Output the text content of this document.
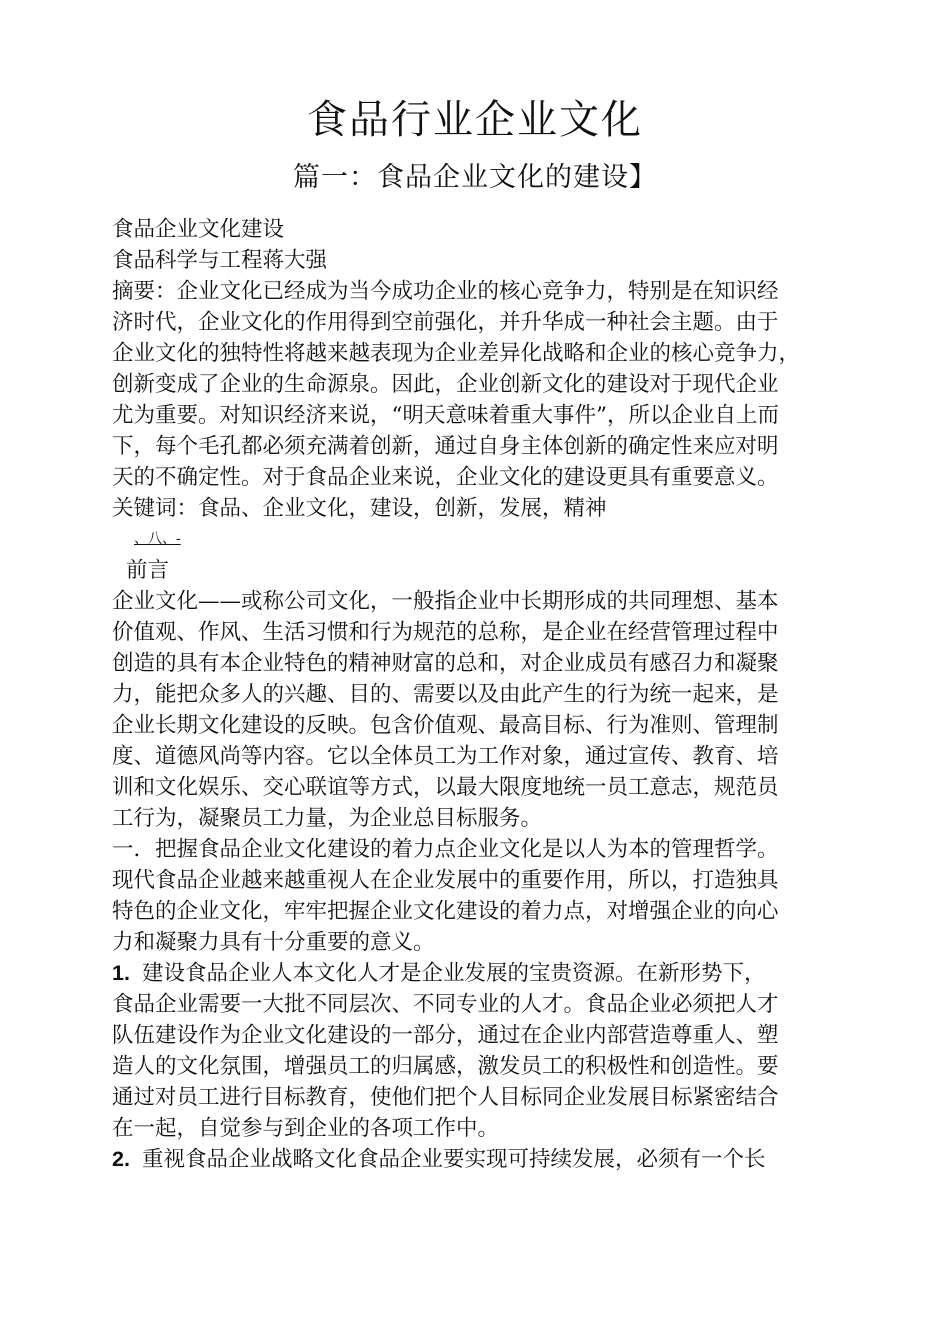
食品行业企业文化
篇一：食品企业文化的建设】
食品企业文化建设
食品科学与工程蒋大强
摘要：企业文化已经成为当今成功企业的核心竞争力，特别是在知识经
济时代，企业文化的作用得到空前强化，并升华成一种社会主题。由于
企业文化的独特性将越来越表现为企业差异化战略和企业的核心竞争力，
创新变成了企业的生命源泉。因此，企业创新文化的建设对于现代企业
尤为重要。对知识经济来说，“明天意味着重大事件”，所以企业自上而
下，每个毛孔都必须充满着创新，通过自身主体创新的确定性来应对明
天的不确定性。对于食品企业来说，企业文化的建设更具有重要意义。
关键词：食品、企业文化，建设，创新，发展，精神
、八、-
前言
企业文化——或称公司文化，一般指企业中长期形成的共同理想、基本
价值观、作风、生活习惯和行为规范的总称，是企业在经营管理过程中
创造的具有本企业特色的精神财富的总和，对企业成员有感召力和凝聚
力，能把众多人的兴趣、目的、需要以及由此产生的行为统一起来，是
企业长期文化建设的反映。包含价值观、最高目标、行为准则、管理制
度、道德风尚等内容。它以全体员工为工作对象，通过宣传、教育、培
训和文化娱乐、交心联谊等方式，以最大限度地统一员工意志，规范员
工行为，凝聚员工力量，为企业总目标服务。
一．把握食品企业文化建设的着力点企业文化是以人为本的管理哲学。
现代食品企业越来越重视人在企业发展中的重要作用，所以，打造独具
特色的企业文化，牢牢把握企业文化建设的着力点，对增强企业的向心
力和凝聚力具有十分重要的意义。
1. 建设食品企业人本文化人才是企业发展的宝贵资源。在新形势下，
食品企业需要一大批不同层次、不同专业的人才。食品企业必须把人才
队伍建设作为企业文化建设的一部分，通过在企业内部营造尊重人、塑
造人的文化氛围，增强员工的归属感，激发员工的积极性和创造性。要
通过对员工进行目标教育，使他们把个人目标同企业发展目标紧密结合
在一起，自觉参与到企业的各项工作中。
2. 重视食品企业战略文化食品企业要实现可持续发展，必须有一个长
